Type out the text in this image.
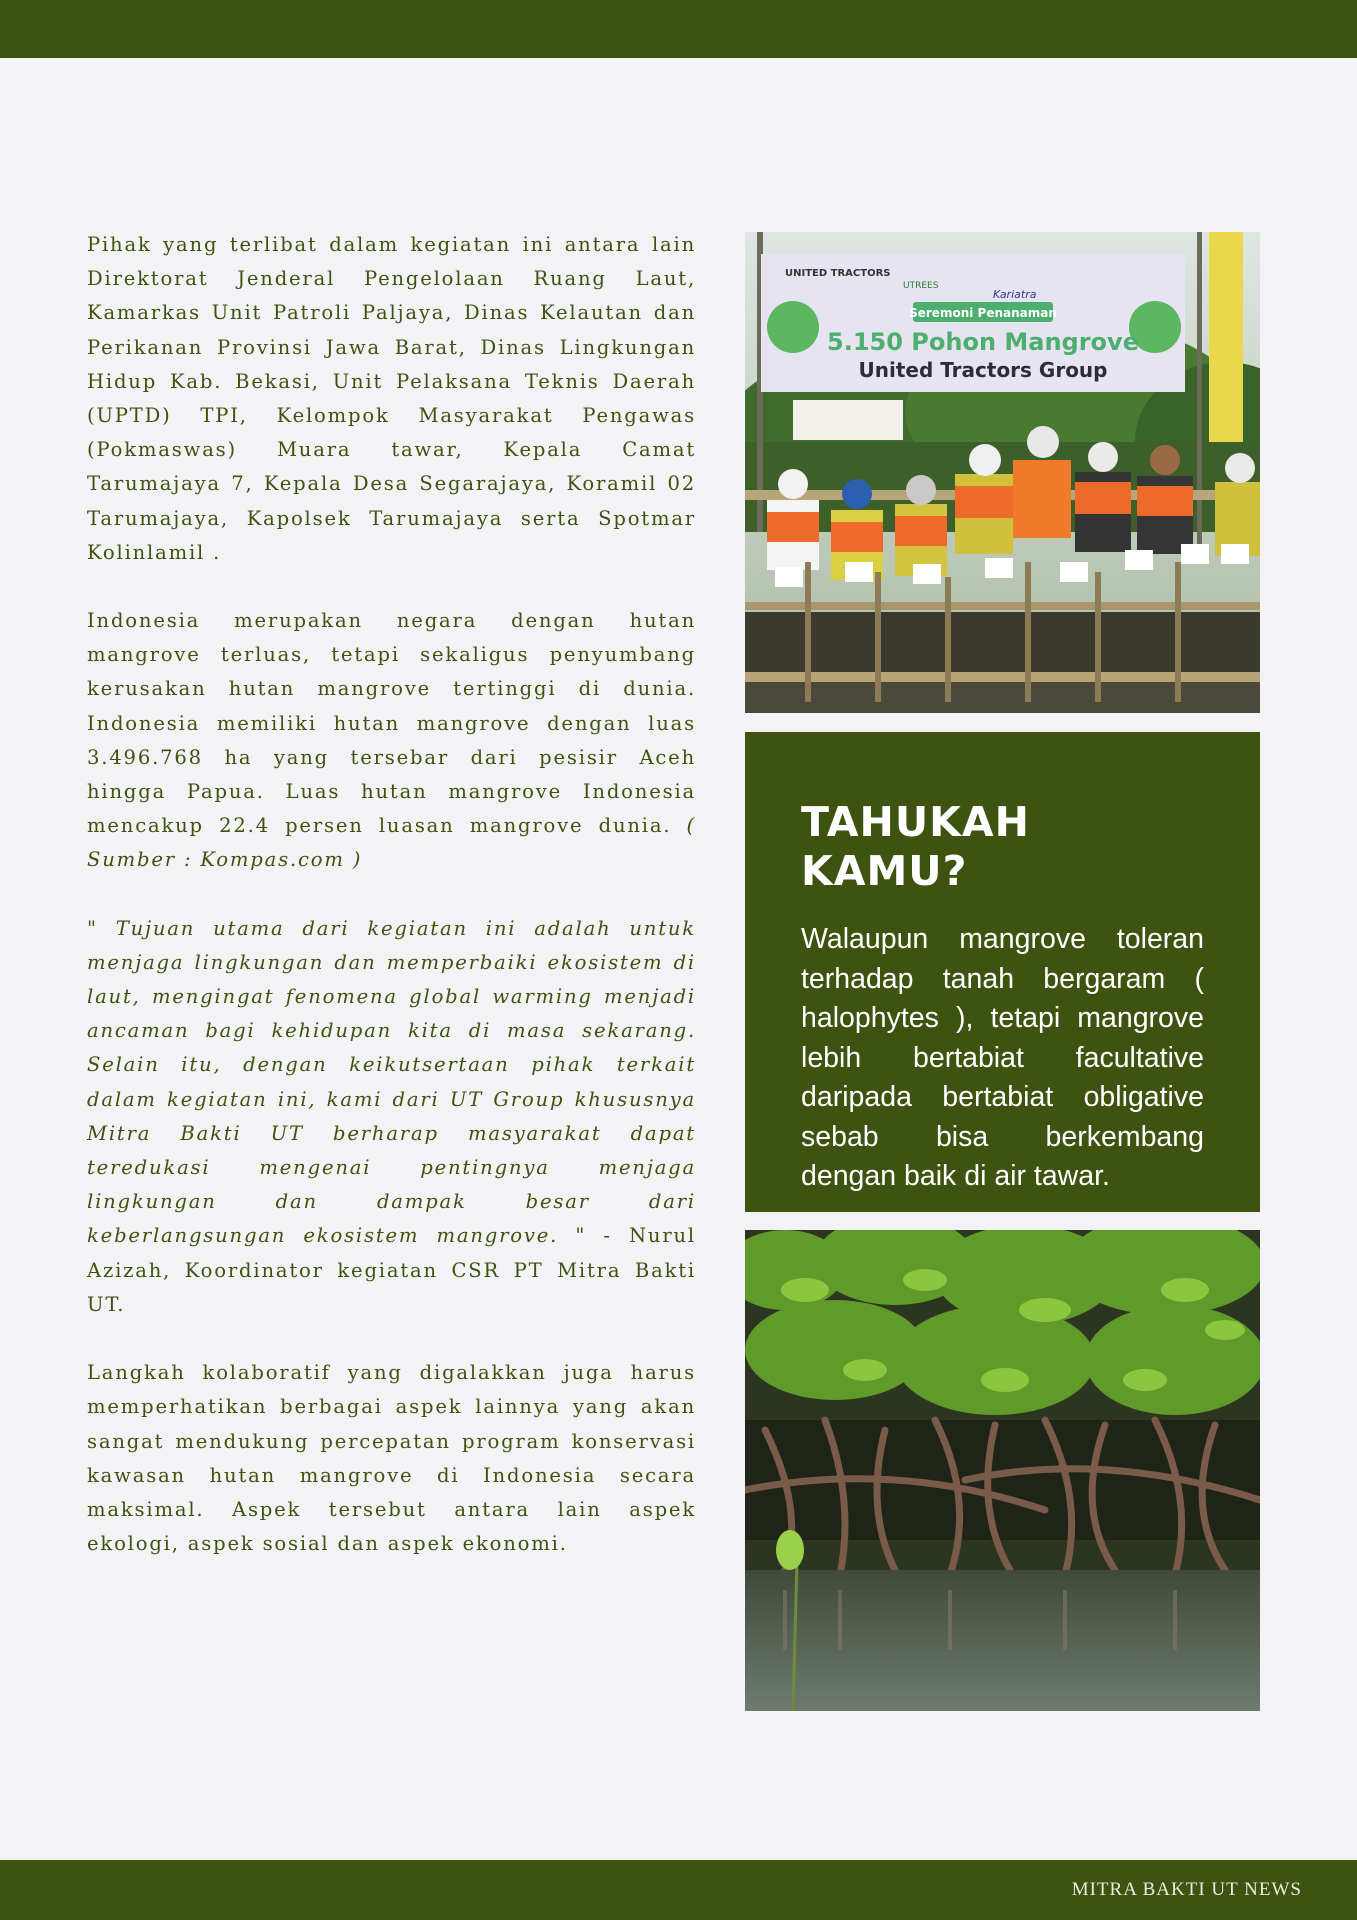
Pihak yang terlibat dalam kegiatan ini antara lain Direktorat Jenderal Pengelolaan Ruang Laut, Kamarkas Unit Patroli Paljaya, Dinas Kelautan dan Perikanan Provinsi Jawa Barat, Dinas Lingkungan Hidup Kab. Bekasi, Unit Pelaksana Teknis Daerah (UPTD) TPI, Kelompok Masyarakat Pengawas (Pokmaswas) Muara tawar, Kepala Camat Tarumajaya 7, Kepala Desa Segarajaya, Koramil 02 Tarumajaya, Kapolsek Tarumajaya serta Spotmar Kolinlamil .

Indonesia merupakan negara dengan hutan mangrove terluas, tetapi sekaligus penyumbang kerusakan hutan mangrove tertinggi di dunia. Indonesia memiliki hutan mangrove dengan luas 3.496.768 ha yang tersebar dari pesisir Aceh hingga Papua. Luas hutan mangrove Indonesia mencakup 22.4 persen luasan mangrove dunia. ( Sumber : Kompas.com )

" Tujuan utama dari kegiatan ini adalah untuk menjaga lingkungan dan memperbaiki ekosistem di laut, mengingat fenomena global warming menjadi ancaman bagi kehidupan kita di masa sekarang. Selain itu, dengan keikutsertaan pihak terkait dalam kegiatan ini, kami dari UT Group khususnya Mitra Bakti UT berharap masyarakat dapat teredukasi mengenai pentingnya menjaga lingkungan dan dampak besar dari keberlangsungan ekosistem mangrove. " - Nurul Azizah, Koordinator kegiatan CSR PT Mitra Bakti UT.

Langkah kolaboratif yang digalakkan juga harus memperhatikan berbagai aspek lainnya yang akan sangat mendukung percepatan program konservasi kawasan hutan mangrove di Indonesia secara maksimal. Aspek tersebut antara lain aspek ekologi, aspek sosial dan aspek ekonomi.

UNITED TRACTORS
UTREES
Kariatra
Seremoni Penanaman
5.150 Pohon Mangrove
United Tractors Group
TAHUKAH KAMU?

Walaupun mangrove toleran terhadap tanah bergaram ( halophytes ), tetapi mangrove lebih bertabiat facultative daripada bertabiat obligative sebab bisa berkembang dengan baik di air tawar.

MITRA BAKTI UT NEWS
